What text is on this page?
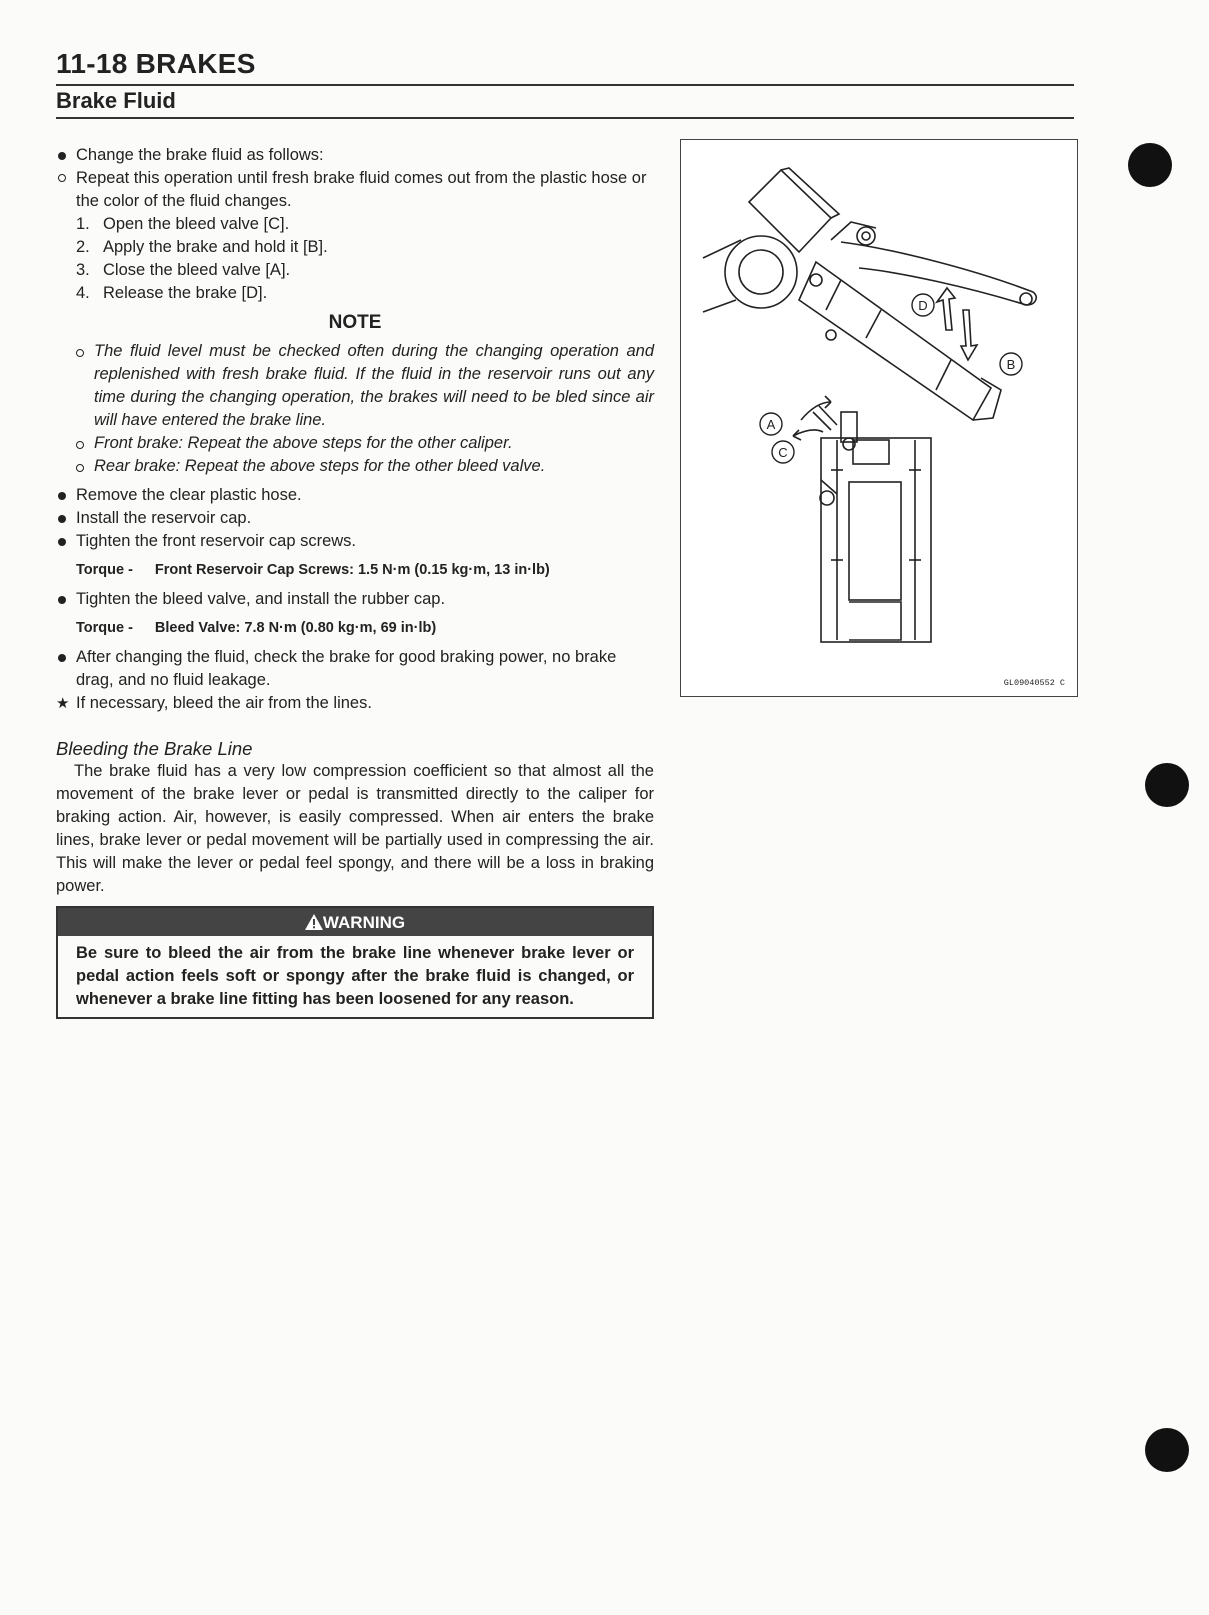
11-18 BRAKES
Brake Fluid
Change the brake fluid as follows:
Repeat this operation until fresh brake fluid comes out from the plastic hose or the color of the fluid changes.
1. Open the bleed valve [C].
2. Apply the brake and hold it [B].
3. Close the bleed valve [A].
4. Release the brake [D].
NOTE
The fluid level must be checked often during the changing operation and replenished with fresh brake fluid. If the fluid in the reservoir runs out any time during the changing operation, the brakes will need to be bled since air will have entered the brake line.
Front brake: Repeat the above steps for the other caliper.
Rear brake: Repeat the above steps for the other bleed valve.
Remove the clear plastic hose.
Install the reservoir cap.
Tighten the front reservoir cap screws.
Torque - Front Reservoir Cap Screws: 1.5 N·m (0.15 kg·m, 13 in·lb)
Tighten the bleed valve, and install the rubber cap.
Torque - Bleed Valve: 7.8 N·m (0.80 kg·m, 69 in·lb)
After changing the fluid, check the brake for good braking power, no brake drag, and no fluid leakage.
★ If necessary, bleed the air from the lines.
Bleeding the Brake Line
The brake fluid has a very low compression coefficient so that almost all the movement of the brake lever or pedal is transmitted directly to the caliper for braking action. Air, however, is easily compressed. When air enters the brake lines, brake lever or pedal movement will be partially used in compressing the air. This will make the lever or pedal feel spongy, and there will be a loss in braking power.
WARNING
Be sure to bleed the air from the brake line whenever brake lever or pedal action feels soft or spongy after the brake fluid is changed, or whenever a brake line fitting has been loosened for any reason.
D
B
A
C
GL09040552 C
